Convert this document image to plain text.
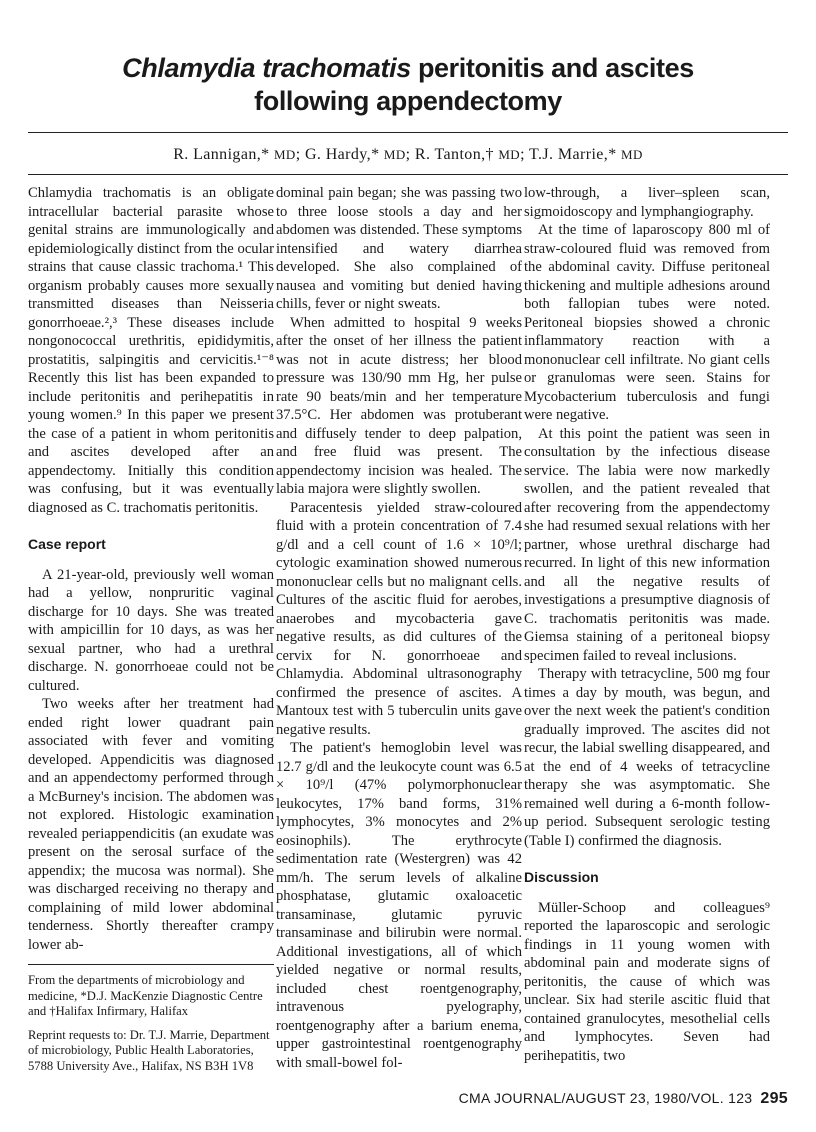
Chlamydia trachomatis peritonitis and ascites
following appendectomy
R. Lannigan,* MD; G. Hardy,* MD; R. Tanton,† MD; T.J. Marrie,* MD

Chlamydia trachomatis is an obligate intracellular bacterial parasite whose genital strains are immunologically and epidemiologically distinct from the ocular strains that cause classic trachoma.¹ This organism probably causes more sexually transmitted diseases than Neisseria gonorrhoeae.²,³ These diseases include nongonococcal urethritis, epididymitis, prostatitis, salpingitis and cervicitis.¹⁻⁸ Recently this list has been expanded to include peritonitis and perihepatitis in young women.⁹ In this paper we present the case of a patient in whom peritonitis and ascites developed after an appendectomy. Initially this condition was confusing, but it was eventually diagnosed as C. trachomatis peritonitis.

Case report

A 21-year-old, previously well woman had a yellow, nonpruritic vaginal discharge for 10 days. She was treated with ampicillin for 10 days, as was her sexual partner, who had a urethral discharge. N. gonorrhoeae could not be cultured.

Two weeks after her treatment had ended right lower quadrant pain associated with fever and vomiting developed. Appendicitis was diagnosed and an appendectomy performed through a McBurney's incision. The abdomen was not explored. Histologic examination revealed periappendicitis (an exudate was present on the serosal surface of the appendix; the mucosa was normal). She was discharged receiving no therapy and complaining of mild lower abdominal tenderness. Shortly thereafter crampy lower ab-

From the departments of microbiology and medicine, *D.J. MacKenzie Diagnostic Centre and †Halifax Infirmary, Halifax

Reprint requests to: Dr. T.J. Marrie, Department of microbiology, Public Health Laboratories, 5788 University Ave., Halifax, NS B3H 1V8

dominal pain began; she was passing two to three loose stools a day and her abdomen was distended. These symptoms intensified and watery diarrhea developed. She also complained of nausea and vomiting but denied having chills, fever or night sweats.

When admitted to hospital 9 weeks after the onset of her illness the patient was not in acute distress; her blood pressure was 130/90 mm Hg, her pulse rate 90 beats/min and her temperature 37.5°C. Her abdomen was protuberant and diffusely tender to deep palpation, and free fluid was present. The appendectomy incision was healed. The labia majora were slightly swollen.

Paracentesis yielded straw-coloured fluid with a protein concentration of 7.4 g/dl and a cell count of 1.6 × 10⁹/l; cytologic examination showed numerous mononuclear cells but no malignant cells. Cultures of the ascitic fluid for aerobes, anaerobes and mycobacteria gave negative results, as did cultures of the cervix for N. gonorrhoeae and Chlamydia. Abdominal ultrasonography confirmed the presence of ascites. A Mantoux test with 5 tuberculin units gave negative results.

The patient's hemoglobin level was 12.7 g/dl and the leukocyte count was 6.5 × 10⁹/l (47% polymorphonuclear leukocytes, 17% band forms, 31% lymphocytes, 3% monocytes and 2% eosinophils). The erythrocyte sedimentation rate (Westergren) was 42 mm/h. The serum levels of alkaline phosphatase, glutamic oxaloacetic transaminase, glutamic pyruvic transaminase and bilirubin were normal. Additional investigations, all of which yielded negative or normal results, included chest roentgenography, intravenous pyelography, roentgenography after a barium enema, upper gastrointestinal roentgenography with small-bowel fol-

low-through, a liver–spleen scan, sigmoidoscopy and lymphangiography.

At the time of laparoscopy 800 ml of straw-coloured fluid was removed from the abdominal cavity. Diffuse peritoneal thickening and multiple adhesions around both fallopian tubes were noted. Peritoneal biopsies showed a chronic inflammatory reaction with a mononuclear cell infiltrate. No giant cells or granulomas were seen. Stains for Mycobacterium tuberculosis and fungi were negative.

At this point the patient was seen in consultation by the infectious disease service. The labia were now markedly swollen, and the patient revealed that after recovering from the appendectomy she had resumed sexual relations with her partner, whose urethral discharge had recurred. In light of this new information and all the negative results of investigations a presumptive diagnosis of C. trachomatis peritonitis was made. Giemsa staining of a peritoneal biopsy specimen failed to reveal inclusions.

Therapy with tetracycline, 500 mg four times a day by mouth, was begun, and over the next week the patient's condition gradually improved. The ascites did not recur, the labial swelling disappeared, and at the end of 4 weeks of tetracycline therapy she was asymptomatic. She remained well during a 6-month follow-up period. Subsequent serologic testing (Table I) confirmed the diagnosis.

Discussion

Müller-Schoop and colleagues⁹ reported the laparoscopic and serologic findings in 11 young women with abdominal pain and moderate signs of peritonitis, the cause of which was unclear. Six had sterile ascitic fluid that contained granulocytes, mesothelial cells and lymphocytes. Seven had perihepatitis, two

CMA JOURNAL/AUGUST 23, 1980/VOL. 123 295
